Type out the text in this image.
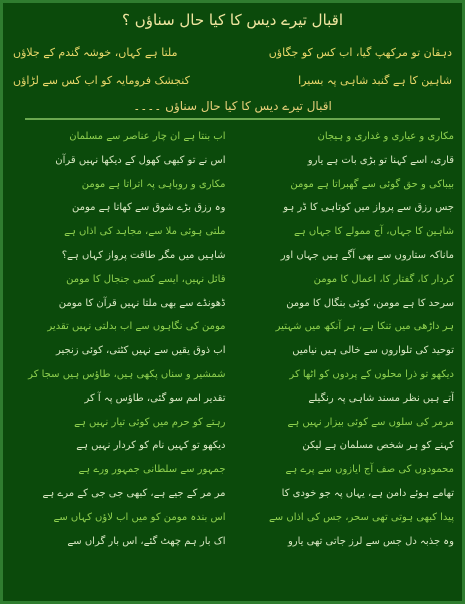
اقبال تیرے دیس کا کیا حال سناؤں ؟
دہقان تو مرکھپ گیا، اب کس کو جگاؤں
ملتا ہے کہاں، خوشہ گندم کے جلاؤں
شاہین کا ہے گنبد شاہی پہ بسیرا
کنجشک فرومایہ کو اب کس سے لڑاؤں
اقبال تیرے دیس کا کیا حال سناؤں ۔۔۔۔
مکاری و عیاری و غداری و ہیجان
قاری، اسے کہنا تو بڑی بات ہے یارو
بیباکی و حق گوئی سے گھبراتا ہے مومن
جس رزق سے پرواز میں کوتاہی کا ڈر ہو
شاہین کا جہاں، آج ممولے کا جہاں ہے
ماناکہ ستاروں سے بھی آگے ہیں جہاں اور
کردار کا، گفتار کا، اعمال کا مومن
سرحد کا ہے مومن، کوئی بنگال کا مومن
ہر داڑھی میں تنکا ہے، ہر آنکھ میں شہتیر
توحید کی تلواروں سے خالی ہیں نیامیں
دیکھو تو ذرا محلوں کے پردوں کو اٹھا کر
آتے ہیں نظر مسند شاہی پہ رنگیلے
مرمر کی سلوں سے کوئی بیزار نہیں ہے
کہنے کو ہر شخص مسلمان ہے لیکن
محمودوں کی صف آج ایازوں سے پرے ہے
تھامے ہوئے دامن ہے، یہاں پہ جو خودی کا
پیدا کبھی ہوتی تھی سحر، جس کی اذاں سے
وہ جذبہ دل جس سے لرز جاتی تھی یارو
اب بنتا ہے ان چار عناصر سے مسلمان
اس نے تو کبھی کھول کے دیکھا نہیں قرآن
مکاری و روباہی پہ اتراتا ہے مومن
وہ رزق بڑے شوق سے کھاتا ہے مومن
ملتی ہوئی ملا سے، مجاہد کی اذاں ہے
شاہیں میں مگر طاقت پرواز کہاں ہے؟
قائل نہیں، ایسے کسی جنجال کا مومن
ڈھونڈے سے بھی ملتا نہیں قرآن کا مومن
مومن کی نگاہوں سے اب بدلتی نہیں تقدیر
اب ذوق یقیں سے نہیں کٹتی، کوئی زنجیر
شمشیر و سناں پکھی ہیں، طاؤس ہیں سجا کر
تقدیر امم سو گئی، طاؤس پہ آ کر
رہتے کو حرم میں کوئی تیار نہیں ہے
دیکھو تو کہیں نام کو کردار نہیں ہے
جمہور سے سلطانی جمہور ورے ہے
مر مر کے جیے ہے، کبھی جی جی کے مرے ہے
اس بندہ مومن کو میں اب لاؤں کہاں سے
اک بار ہم چھٹ گئے، اس بار گراں سے
